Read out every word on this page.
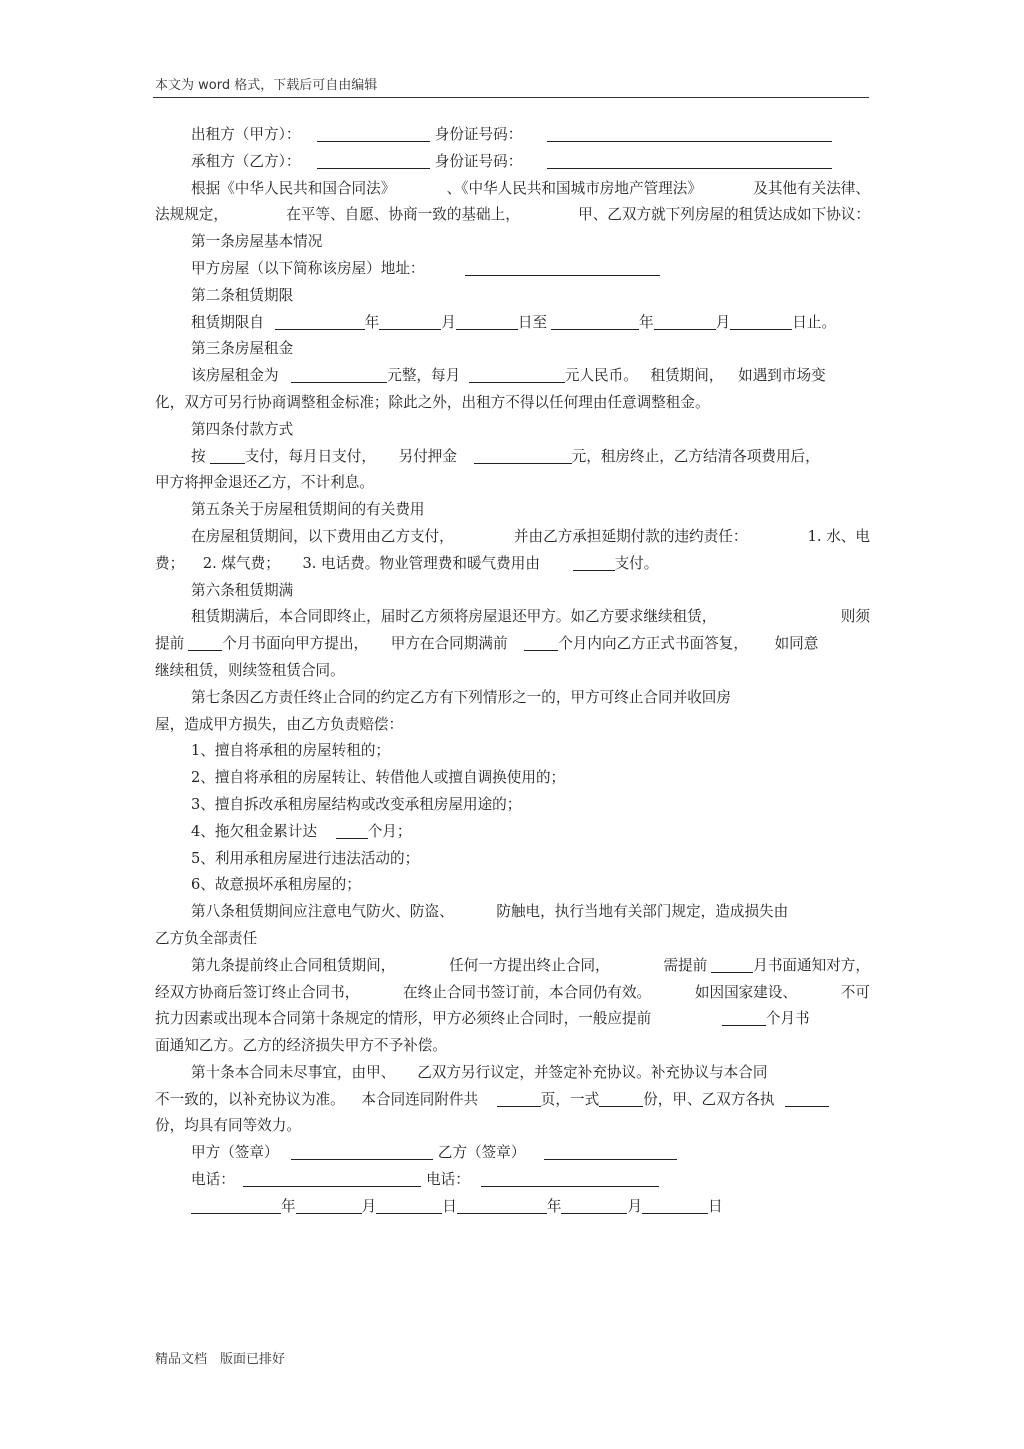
本文为 word 格式，下载后可自由编辑
出租方（甲方）：	身份证号码：
承租方（乙方）：	身份证号码：
根据《中华人民共和国合同法》	、《中华人民共和国城市房地产管理法》	及其他有关法律、
法规规定，	在平等、自愿、协商一致的基础上，	甲、乙双方就下列房屋的租赁达成如下协议：
第一条房屋基本情况
甲方房屋（以下简称该房屋）地址：
第二条租赁期限
租赁期限自	年	月	日至	年	月	日止。
第三条房屋租金
该房屋租金为	元整，每月	元人民币。 租赁期间， 如遇到市场变
化，双方可另行协商调整租金标准；除此之外，出租方不得以任何理由任意调整租金。
第四条付款方式
按	支付，每月日支付， 另付押金	元，租房终止，乙方结清各项费用后，
甲方将押金退还乙方，不计利息。
第五条关于房屋租赁期间的有关费用
在房屋租赁期间，以下费用由乙方支付，	并由乙方承担延期付款的违约责任：	1. 水、电
费； 2. 煤气费； 3. 电话费。物业管理费和暖气费用由	支付。
第六条租赁期满
租赁期满后，本合同即终止，届时乙方须将房屋退还甲方。如乙方要求继续租赁，	则须
提前	个月书面向甲方提出， 甲方在合同期满前	个月内向乙方正式书面答复， 如同意
继续租赁，则续签租赁合同。
第七条因乙方责任终止合同的约定乙方有下列情形之一的，甲方可终止合同并收回房
屋，造成甲方损失，由乙方负责赔偿：
1、擅自将承租的房屋转租的；
2、擅自将承租的房屋转让、转借他人或擅自调换使用的；
3、擅自拆改承租房屋结构或改变承租房屋用途的；
4、拖欠租金累计达	个月；
5、利用承租房屋进行违法活动的；
6、故意损坏承租房屋的；
第八条租赁期间应注意电气防火、防盗、	防触电，执行当地有关部门规定，造成损失由
乙方负全部责任
第九条提前终止合同租赁期间，	任何一方提出终止合同，	需提前	月书面通知对方，
经双方协商后签订终止合同书，	在终止合同书签订前，本合同仍有效。	如因国家建设、	不可
抗力因素或出现本合同第十条规定的情形，甲方必须终止合同时，一般应提前	个月书
面通知乙方。乙方的经济损失甲方不予补偿。
第十条本合同未尽事宜，由甲、　　乙双方另行议定，并签定补充协议。补充协议与本合同
不一致的，以补充协议为准。 本合同连同附件共	页，一式	份，甲、乙双方各执
份，均具有同等效力。
甲方（签章）	乙方（签章）
电话：	电话：
年	月	日	年	月	日
精品文档　版面已排好
